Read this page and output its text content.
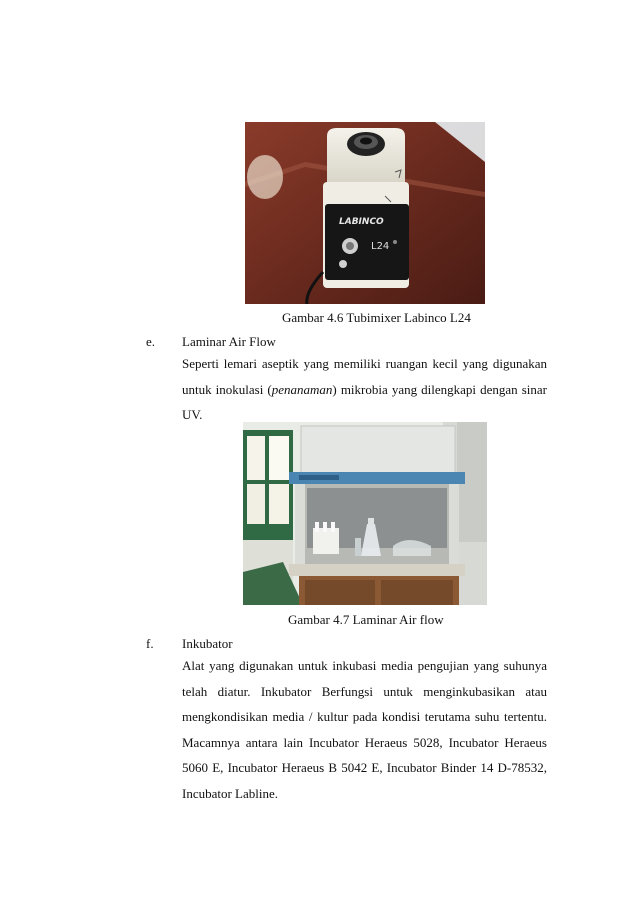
LABINCO
L24
Gambar 4.6 Tubimixer Labinco L24
e. Laminar Air Flow
Seperti lemari aseptik yang memiliki ruangan kecil yang digunakan
untuk inokulasi (penanaman) mikrobia yang dilengkapi dengan sinar
UV.
Gambar 4.7 Laminar Air flow
f. Inkubator
Alat yang digunakan untuk inkubasi media pengujian yang suhunya
telah diatur. Inkubator Berfungsi untuk menginkubasikan atau
mengkondisikan media / kultur pada kondisi terutama suhu tertentu.
Macamnya antara lain Incubator Heraeus 5028, Incubator Heraeus
5060 E, Incubator Heraeus B 5042 E, Incubator Binder 14 D-78532,
Incubator Labline.
